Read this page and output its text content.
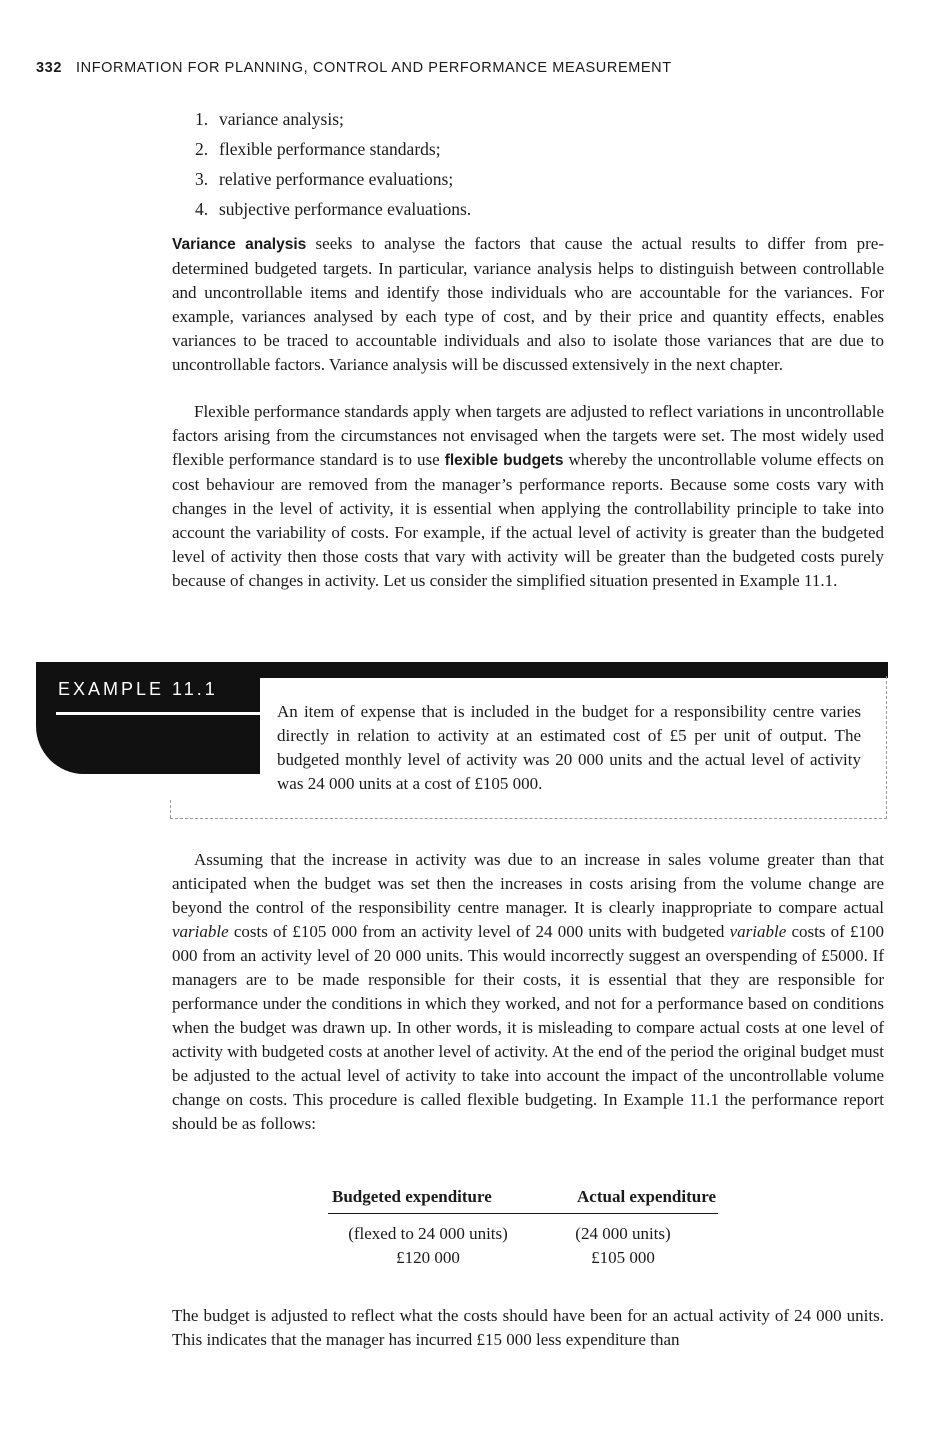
332 INFORMATION FOR PLANNING, CONTROL AND PERFORMANCE MEASUREMENT
1. variance analysis;
2. flexible performance standards;
3. relative performance evaluations;
4. subjective performance evaluations.

Variance analysis seeks to analyse the factors that cause the actual results to differ from pre-determined budgeted targets. In particular, variance analysis helps to distinguish between controllable and uncontrollable items and identify those individuals who are accountable for the variances. For example, variances analysed by each type of cost, and by their price and quantity effects, enables variances to be traced to accountable individuals and also to isolate those variances that are due to uncontrollable factors. Variance analysis will be discussed extensively in the next chapter.

Flexible performance standards apply when targets are adjusted to reflect variations in uncontrollable factors arising from the circumstances not envisaged when the targets were set. The most widely used flexible performance standard is to use flexible budgets whereby the uncontrollable volume effects on cost behaviour are removed from the manager’s performance reports. Because some costs vary with changes in the level of activity, it is essential when applying the controllability principle to take into account the variability of costs. For example, if the actual level of activity is greater than the budgeted level of activity then those costs that vary with activity will be greater than the budgeted costs purely because of changes in activity. Let us consider the simplified situation presented in Example 11.1.

EXAMPLE 11.1

An item of expense that is included in the budget for a responsibility centre varies directly in relation to activity at an estimated cost of £5 per unit of output. The budgeted monthly level of activity was 20 000 units and the actual level of activity was 24 000 units at a cost of £105 000.

Assuming that the increase in activity was due to an increase in sales volume greater than that anticipated when the budget was set then the increases in costs arising from the volume change are beyond the control of the responsibility centre manager. It is clearly inappropriate to compare actual variable costs of £105 000 from an activity level of 24 000 units with budgeted variable costs of £100 000 from an activity level of 20 000 units. This would incorrectly suggest an overspending of £5000. If managers are to be made responsible for their costs, it is essential that they are responsible for performance under the conditions in which they worked, and not for a performance based on conditions when the budget was drawn up. In other words, it is misleading to compare actual costs at one level of activity with budgeted costs at another level of activity. At the end of the period the original budget must be adjusted to the actual level of activity to take into account the impact of the uncontrollable volume change on costs. This procedure is called flexible budgeting. In Example 11.1 the performance report should be as follows:

Budgeted expenditure	Actual expenditure
(flexed to 24 000 units)	(24 000 units)
£120 000	£105 000

The budget is adjusted to reflect what the costs should have been for an actual activity of 24 000 units. This indicates that the manager has incurred £15 000 less expenditure than
